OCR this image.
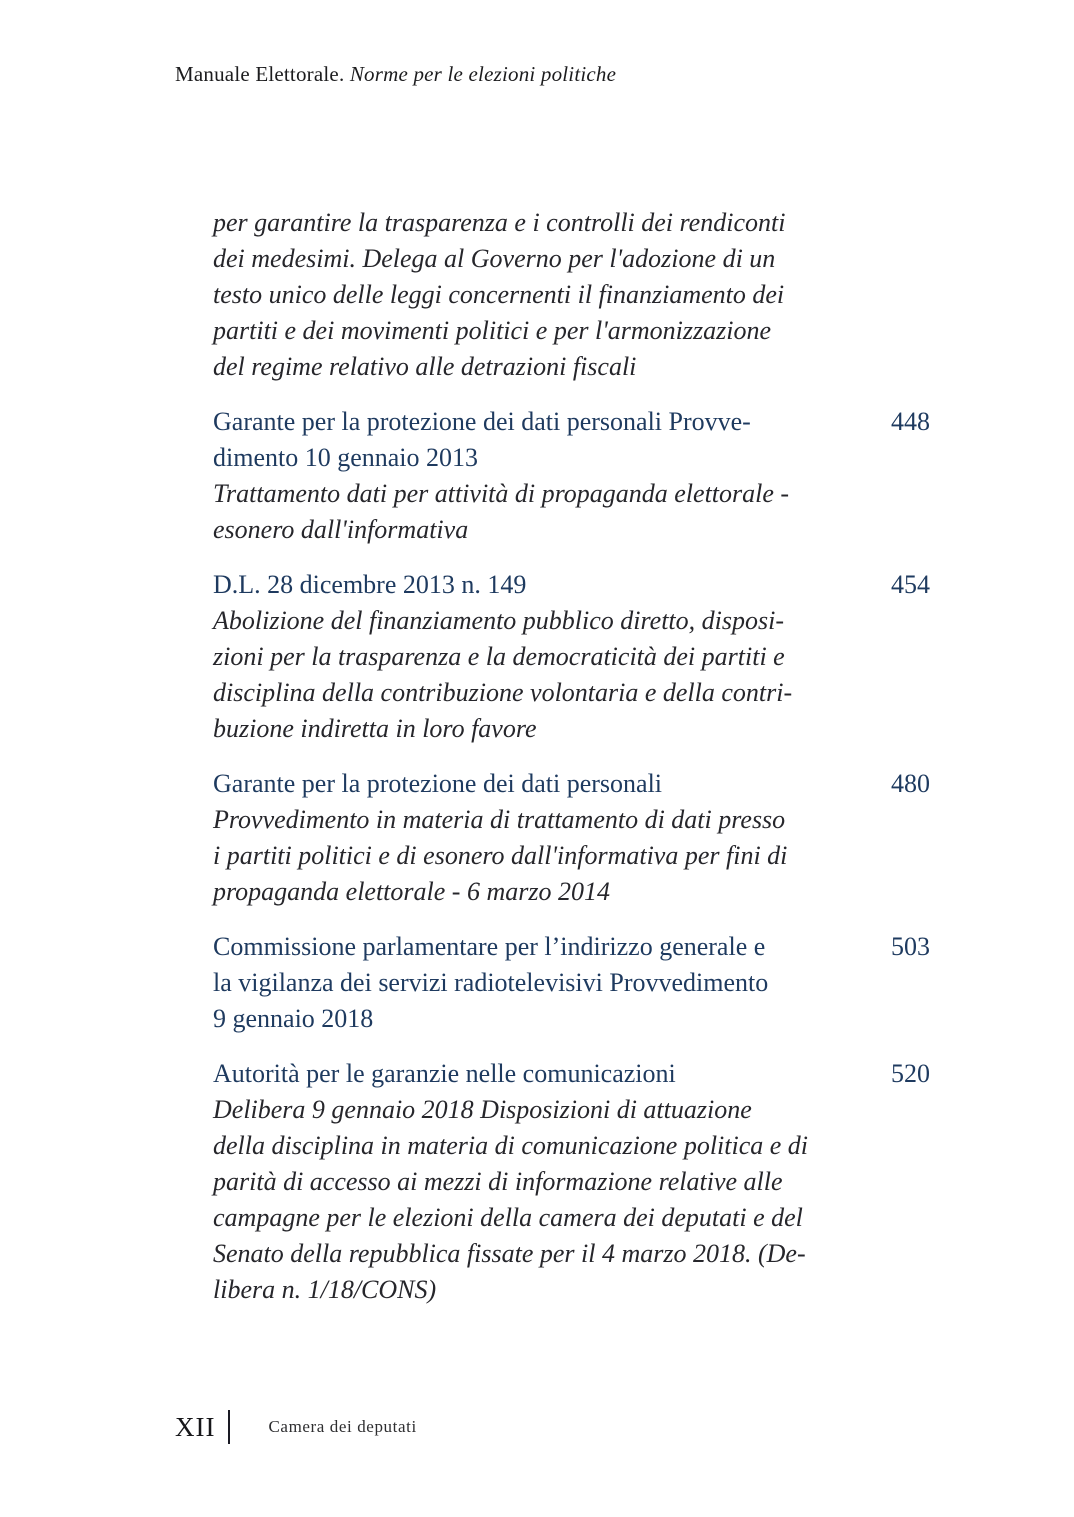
Manuale Elettorale. Norme per le elezioni politiche
per garantire la trasparenza e i controlli dei rendiconti
dei medesimi. Delega al Governo per l'adozione di un
testo unico delle leggi concernenti il finanziamento dei
partiti e dei movimenti politici e per l'armonizzazione
del regime relativo alle detrazioni fiscali
Garante per la protezione dei dati personali Provve-
dimento 10 gennaio 2013
Trattamento dati per attività di propaganda elettorale -
esonero dall'informativa
448
D.L. 28 dicembre 2013 n. 149
Abolizione del finanziamento pubblico diretto, disposi-
zioni per la trasparenza e la democraticità dei partiti e
disciplina della contribuzione volontaria e della contri-
buzione indiretta in loro favore
454
Garante per la protezione dei dati personali
Provvedimento in materia di trattamento di dati presso
i partiti politici e di esonero dall'informativa per fini di
propaganda elettorale - 6 marzo 2014
480
Commissione parlamentare per l’indirizzo generale e
la vigilanza dei servizi radiotelevisivi Provvedimento
9 gennaio 2018
503
Autorità per le garanzie nelle comunicazioni
Delibera 9 gennaio 2018 Disposizioni di attuazione
della disciplina in materia di comunicazione politica e di
parità di accesso ai mezzi di informazione relative alle
campagne per le elezioni della camera dei deputati e del
Senato della repubblica fissate per il 4 marzo 2018. (De-
libera n. 1/18/CONS)
520
XII	Camera dei deputati
